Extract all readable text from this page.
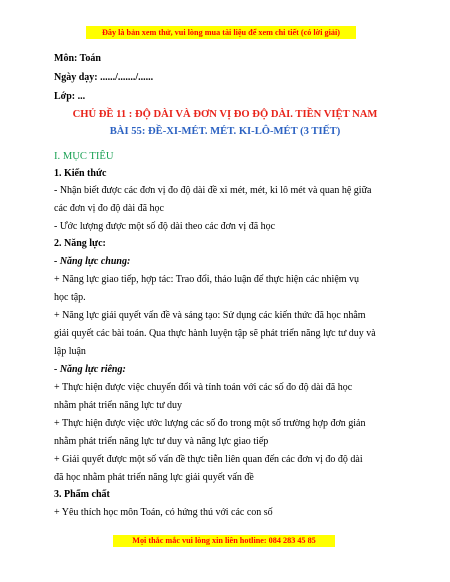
Đây là bản xem thử, vui lòng mua tài liệu để xem chi tiết (có lời giải)
Môn: Toán
Ngày dạy: ....../......./......
Lớp: ...
CHỦ ĐỀ 11 : ĐỘ DÀI VÀ ĐƠN VỊ ĐO ĐỘ DÀI. TIỀN VIỆT NAM
BÀI 55: ĐỀ-XI-MÉT. MÉT. KI-LÔ-MÉT (3 TIẾT)
I. MỤC TIÊU
1. Kiến thức
- Nhận biết được các đơn vị đo độ dài đề xi mét, mét, ki lô mét và quan hệ giữa
các đơn vị đo độ dài đã học
- Ước lượng được một số độ dài theo các đơn vị đã học
2. Năng lực:
- Năng lực chung:
+ Năng lực giao tiếp, hợp tác: Trao đổi, thảo luận để thực hiện các nhiệm vụ
học tập.
+ Năng lực giải quyết vấn đề và sáng tạo: Sử dụng các kiến thức đã học nhằm
giải quyết các bài toán. Qua thực hành luyện tập sẽ phát triển năng lực tư duy và
lập luận
- Năng lực riêng:
+ Thực hiện được việc chuyển đổi và tính toán với các số đo độ dài đã học
nhằm phát triển năng lực tư duy
+ Thực hiện được việc ước lượng các số đo trong một số trường hợp đơn giản
nhằm phát triển năng lực tư duy và năng lực giao tiếp
+ Giải quyết được một số vấn đề thực tiễn liên quan đến các đơn vị đo độ dài
đã học nhằm phát triển năng lực giải quyết vấn đề
3. Phẩm chất
+ Yêu thích học môn Toán, có hứng thú với các con số
Mọi thắc mắc vui lòng xin liên hotline: 084 283 45 85
